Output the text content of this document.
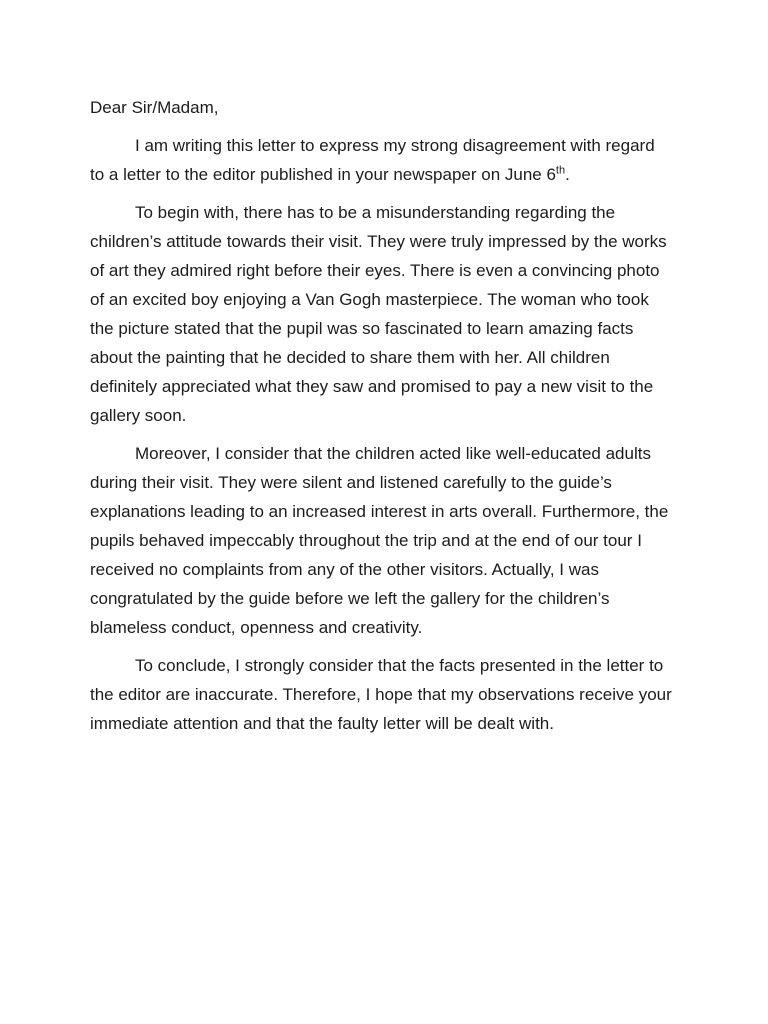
Dear Sir/Madam,

I am writing this letter to express my strong disagreement with regard to a letter to the editor published in your newspaper on June 6th.

To begin with, there has to be a misunderstanding regarding the children’s attitude towards their visit. They were truly impressed by the works of art they admired right before their eyes. There is even a convincing photo of an excited boy enjoying a Van Gogh masterpiece. The woman who took the picture stated that the pupil was so fascinated to learn amazing facts about the painting that he decided to share them with her. All children definitely appreciated what they saw and promised to pay a new visit to the gallery soon.

Moreover, I consider that the children acted like well-educated adults during their visit. They were silent and listened carefully to the guide’s explanations leading to an increased interest in arts overall. Furthermore, the pupils behaved impeccably throughout the trip and at the end of our tour I received no complaints from any of the other visitors. Actually, I was congratulated by the guide before we left the gallery for the children’s blameless conduct, openness and creativity.

To conclude, I strongly consider that the facts presented in the letter to the editor are inaccurate. Therefore, I hope that my observations receive your immediate attention and that the faulty letter will be dealt with.
